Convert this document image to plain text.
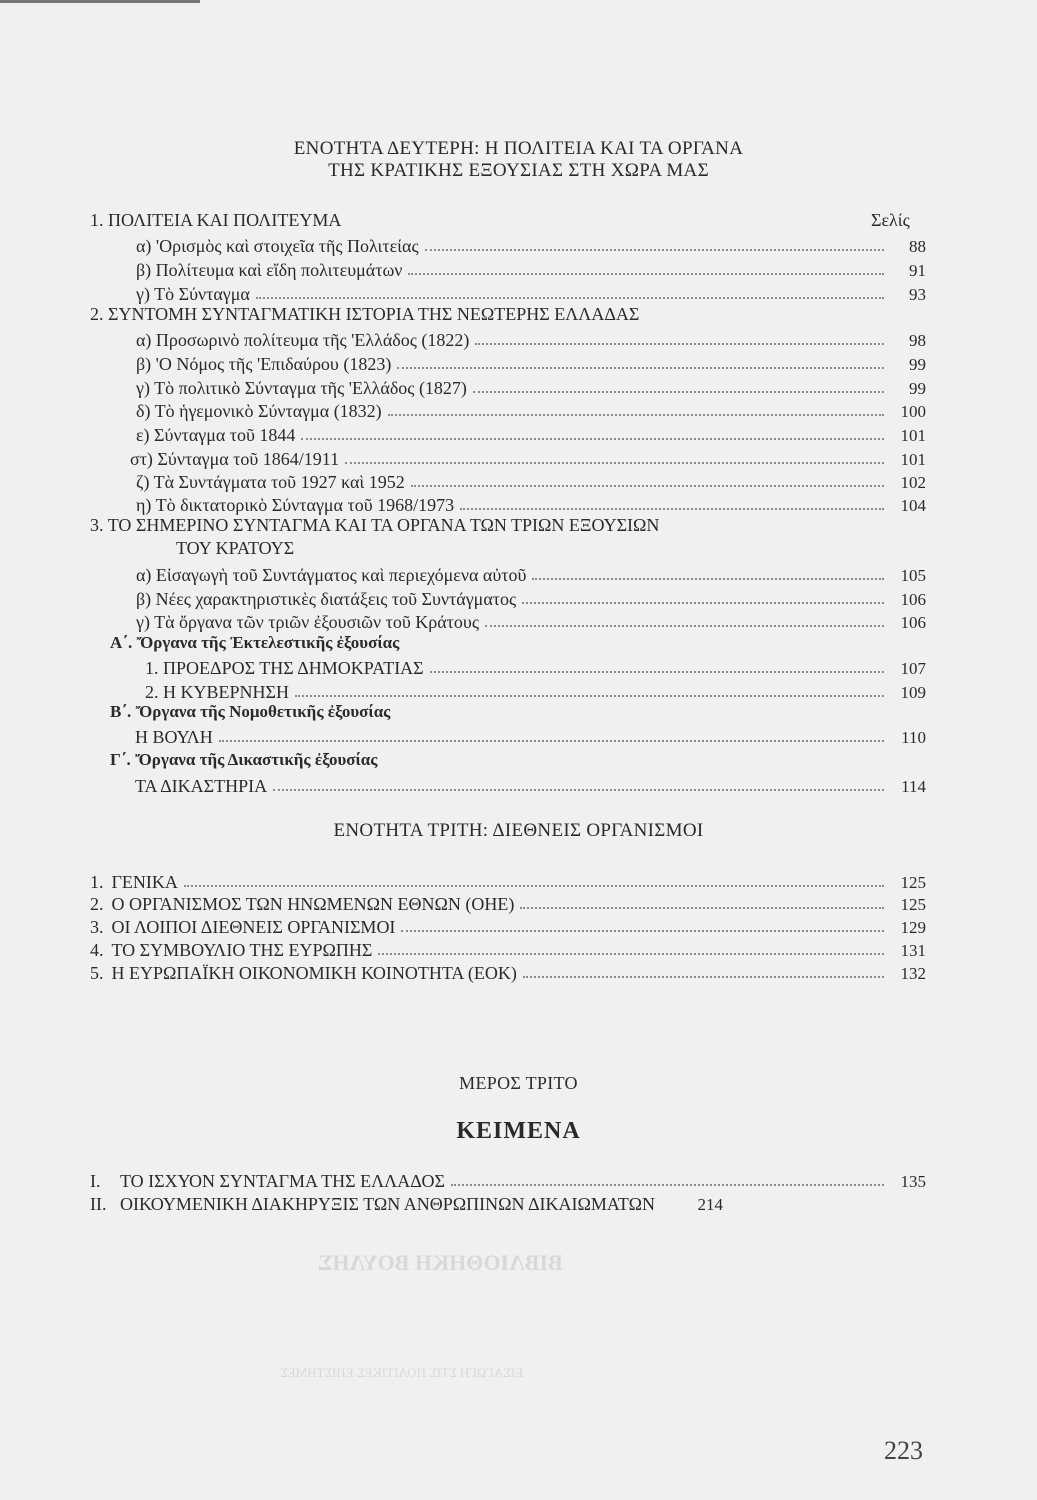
ΒΙΒΛΙΟΘΗΚΗ ΒΟΥΛΗΣ
ΕΙΣΑΓΩΓΗ ΣΤΙΣ ΠΟΛΙΤΙΚΕΣ ΕΠΙΣΤΗΜΕΣ
ΕΝΟΤΗΤΑ ΔΕΥΤΕΡΗ: Η ΠΟΛΙΤΕΙΑ ΚΑΙ ΤΑ ΟΡΓΑΝΑ
ΤΗΣ ΚΡΑΤΙΚΗΣ ΕΞΟΥΣΙΑΣ ΣΤΗ ΧΩΡΑ ΜΑΣ
Σελίς
1. ΠΟΛΙΤΕΙΑ ΚΑΙ ΠΟΛΙΤΕΥΜΑ
α) 'Ορισμὸς καὶ στοιχεῖα τῆς Πολιτείας	88
β) Πολίτευμα καὶ εἴδη πολιτευμάτων	91
γ) Τὸ Σύνταγμα	93
2. ΣΥΝΤΟΜΗ ΣΥΝΤΑΓΜΑΤΙΚΗ ΙΣΤΟΡΙΑ ΤΗΣ ΝΕΩΤΕΡΗΣ ΕΛΛΑΔΑΣ
α) Προσωρινὸ πολίτευμα τῆς 'Ελλάδος (1822)	98
β) 'Ο Νόμος τῆς 'Επιδαύρου (1823)	99
γ) Τὸ πολιτικὸ Σύνταγμα τῆς 'Ελλάδος (1827)	99
δ) Τὸ ἡγεμονικὸ Σύνταγμα (1832)	100
ε) Σύνταγμα τοῦ 1844	101
στ) Σύνταγμα τοῦ 1864/1911	101
ζ) Τὰ Συντάγματα τοῦ 1927 καὶ 1952	102
η) Τὸ δικτατορικὸ Σύνταγμα τοῦ 1968/1973	104
3. ΤΟ ΣΗΜΕΡΙΝΟ ΣΥΝΤΑΓΜΑ ΚΑΙ ΤΑ ΟΡΓΑΝΑ ΤΩΝ ΤΡΙΩΝ ΕΞΟΥΣΙΩΝ
ΤΟΥ ΚΡΑΤΟΥΣ
α) Εἰσαγωγὴ τοῦ Συντάγματος καὶ περιεχόμενα αὐτοῦ	105
β) Νέες χαρακτηριστικὲς διατάξεις τοῦ Συντάγματος	106
γ) Τὰ ὄργανα τῶν τριῶν ἐξουσιῶν τοῦ Κράτους	106
Α΄. Ὄργανα τῆς Ἐκτελεστικῆς ἐξουσίας
1. ΠΡΟΕΔΡΟΣ ΤΗΣ ΔΗΜΟΚΡΑΤΙΑΣ	107
2. Η ΚΥΒΕΡΝΗΣΗ	109
Β΄. Ὄργανα τῆς Νομοθετικῆς ἐξουσίας
Η ΒΟΥΛΗ	110
Γ΄. Ὄργανα τῆς Δικαστικῆς ἐξουσίας
ΤΑ ΔΙΚΑΣΤΗΡΙΑ	114
ΕΝΟΤΗΤΑ ΤΡΙΤΗ: ΔΙΕΘΝΕΙΣ ΟΡΓΑΝΙΣΜΟΙ
1. ΓΕΝΙΚΑ	125
2. Ο ΟΡΓΑΝΙΣΜΟΣ ΤΩΝ ΗΝΩΜΕΝΩΝ ΕΘΝΩΝ (ΟΗΕ)	125
3. ΟΙ ΛΟΙΠΟΙ ΔΙΕΘΝΕΙΣ ΟΡΓΑΝΙΣΜΟΙ	129
4. ΤΟ ΣΥΜΒΟΥΛΙΟ ΤΗΣ ΕΥΡΩΠΗΣ	131
5. Η ΕΥΡΩΠΑΪΚΗ ΟΙΚΟΝΟΜΙΚΗ ΚΟΙΝΟΤΗΤΑ (ΕΟΚ)	132
ΜΕΡΟΣ ΤΡΙΤΟ
ΚΕΙΜΕΝΑ
Ι.	ΤΟ ΙΣΧΥΟΝ ΣΥΝΤΑΓΜΑ ΤΗΣ ΕΛΛΑΔΟΣ	135
ΙΙ. ΟΙΚΟΥΜΕΝΙΚΗ ΔΙΑΚΗΡΥΞΙΣ ΤΩΝ ΑΝΘΡΩΠΙΝΩΝ ΔΙΚΑΙΩΜΑΤΩΝ	214
223
